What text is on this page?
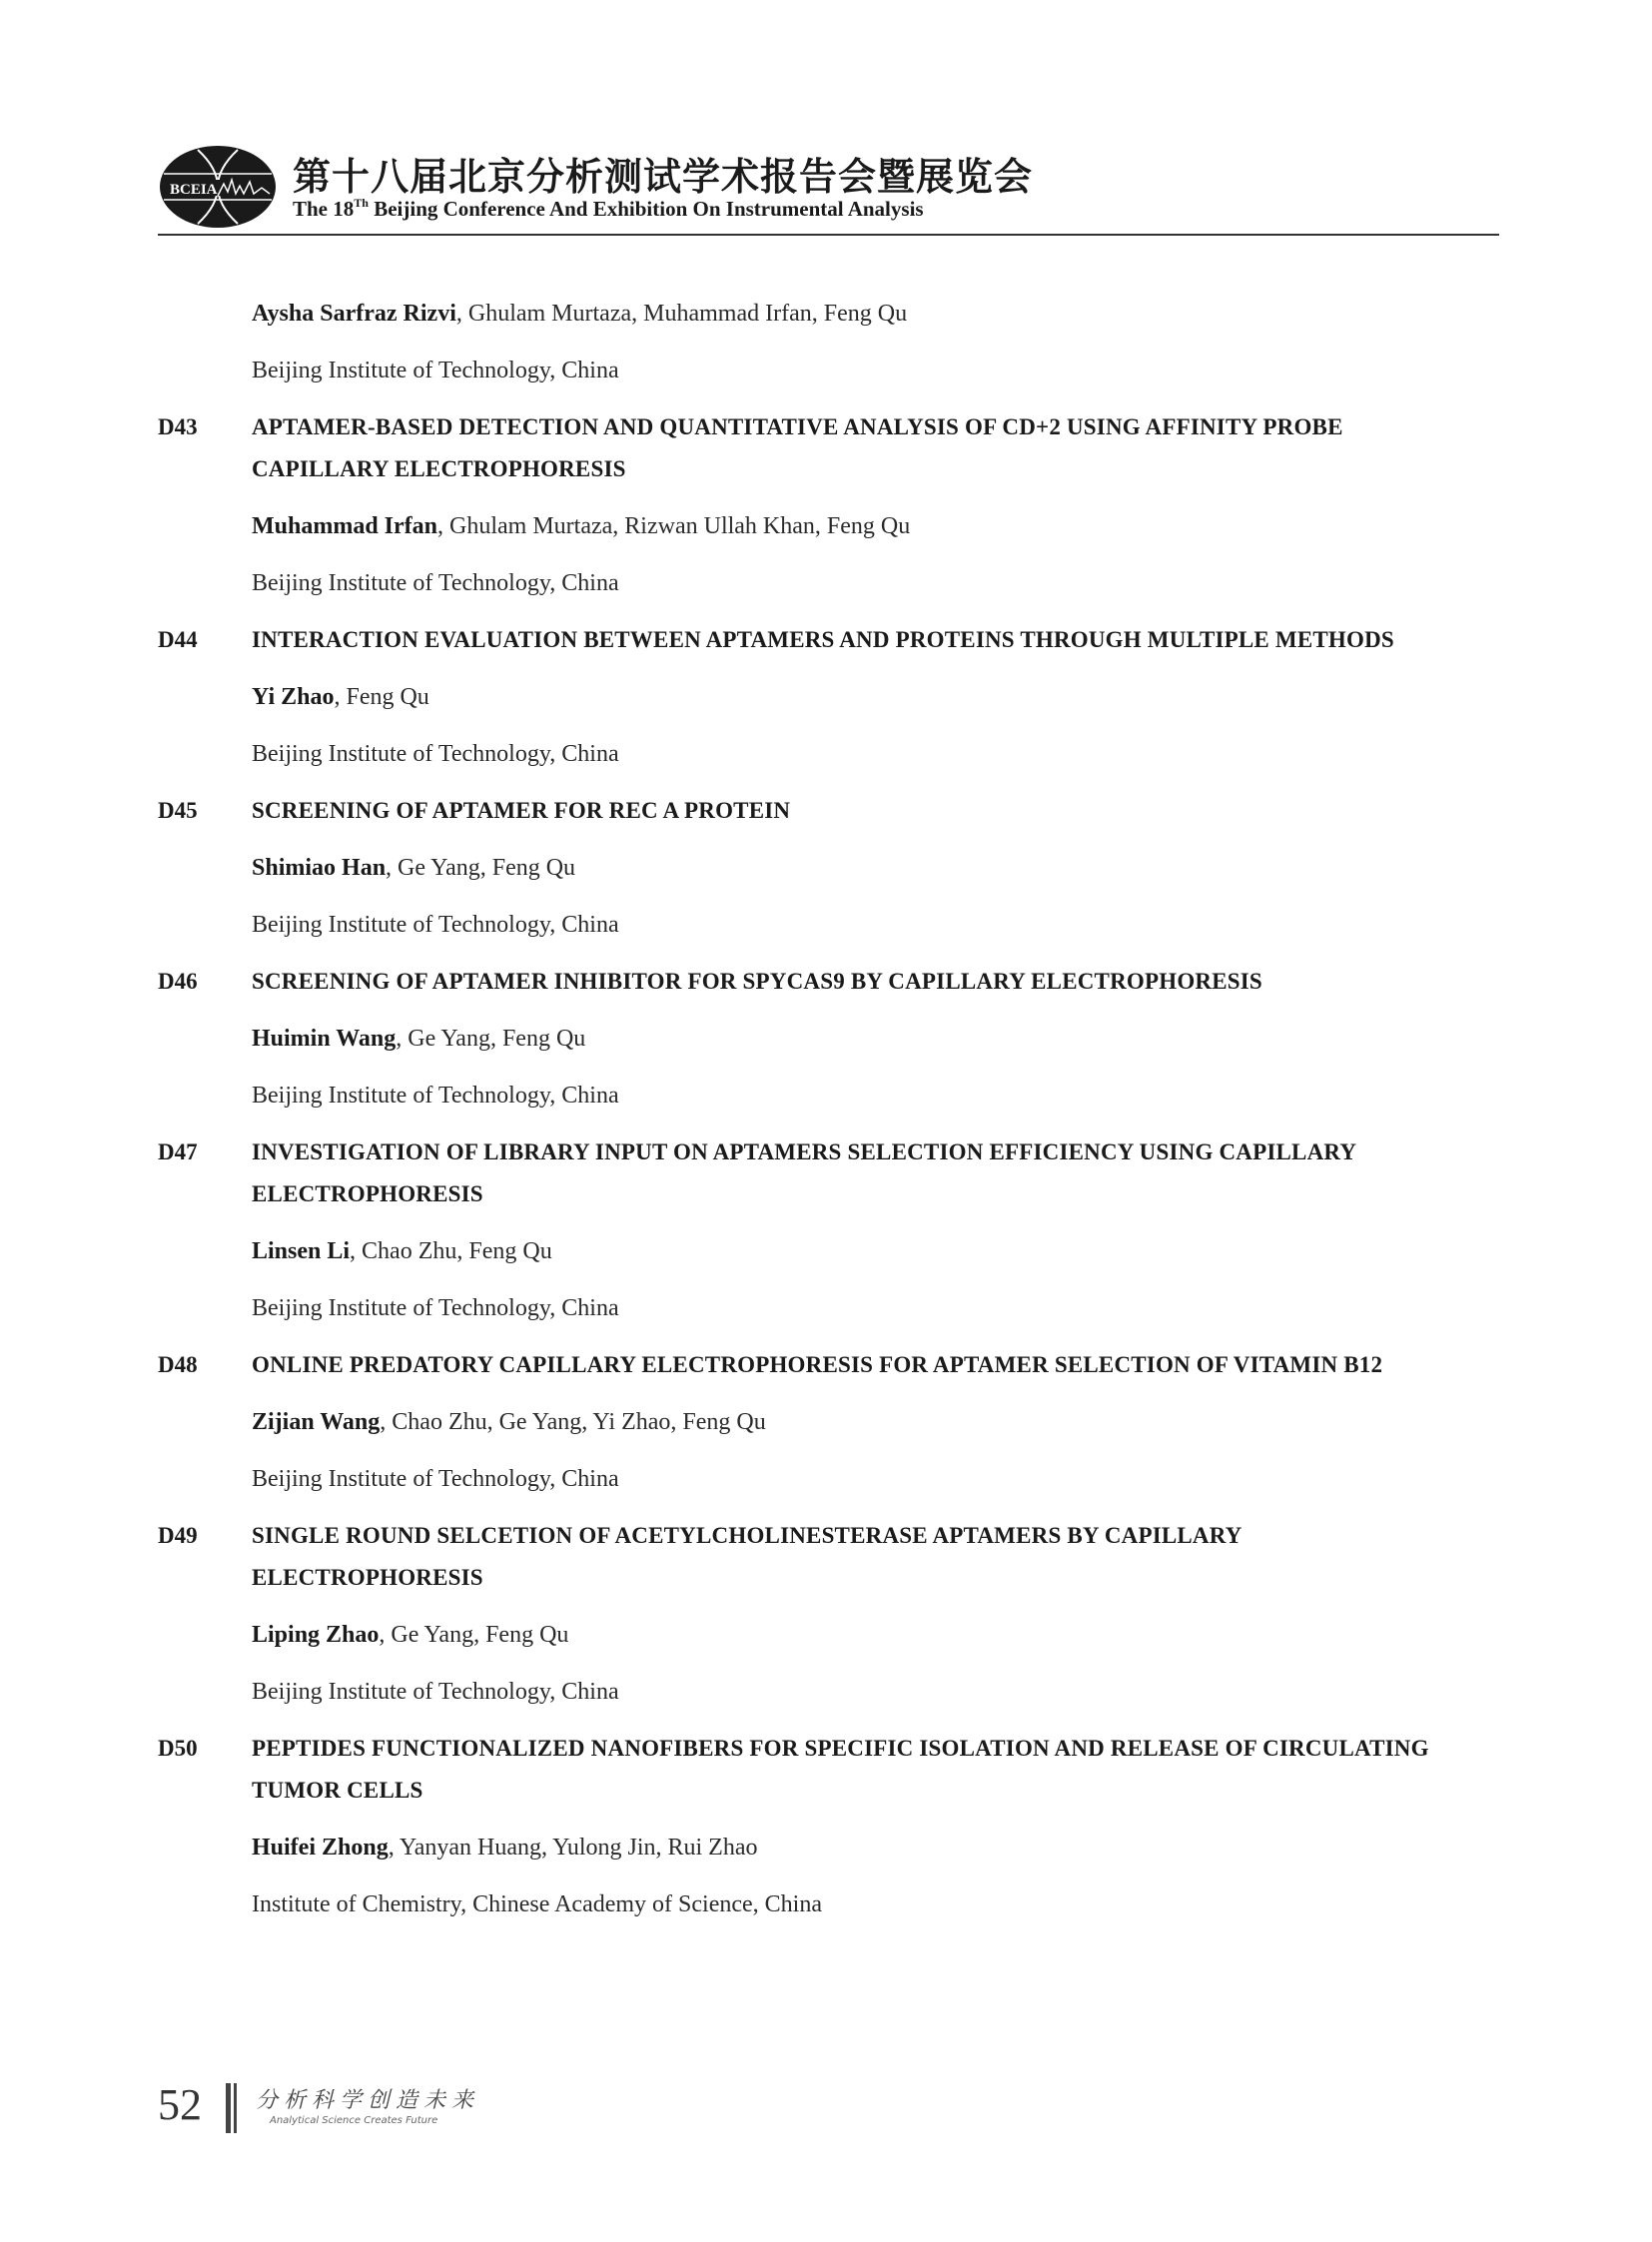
BCEIA 第十八届北京分析测试学术报告会暨展览会
The 18Th Beijing Conference And Exhibition On Instrumental Analysis
Aysha Sarfraz Rizvi, Ghulam Murtaza, Muhammad Irfan, Feng Qu
Beijing Institute of Technology, China
D43	APTAMER-BASED DETECTION AND QUANTITATIVE ANALYSIS OF CD+2 USING AFFINITY PROBE CAPILLARY ELECTROPHORESIS
Muhammad Irfan, Ghulam Murtaza, Rizwan Ullah Khan, Feng Qu
Beijing Institute of Technology, China
D44	INTERACTION EVALUATION BETWEEN APTAMERS AND PROTEINS THROUGH MULTIPLE METHODS
Yi Zhao, Feng Qu
Beijing Institute of Technology, China
D45	SCREENING OF APTAMER FOR REC A PROTEIN
Shimiao Han, Ge Yang, Feng Qu
Beijing Institute of Technology, China
D46	SCREENING OF APTAMER INHIBITOR FOR SPYCAS9 BY CAPILLARY ELECTROPHORESIS
Huimin Wang, Ge Yang, Feng Qu
Beijing Institute of Technology, China
D47	INVESTIGATION OF LIBRARY INPUT ON APTAMERS SELECTION EFFICIENCY USING CAPILLARY ELECTROPHORESIS
Linsen Li, Chao Zhu, Feng Qu
Beijing Institute of Technology, China
D48	ONLINE PREDATORY CAPILLARY ELECTROPHORESIS FOR APTAMER SELECTION OF VITAMIN B12
Zijian Wang, Chao Zhu, Ge Yang, Yi Zhao, Feng Qu
Beijing Institute of Technology, China
D49	SINGLE ROUND SELCETION OF ACETYLCHOLINESTERASE APTAMERS BY CAPILLARY ELECTROPHORESIS
Liping Zhao, Ge Yang, Feng Qu
Beijing Institute of Technology, China
D50	PEPTIDES FUNCTIONALIZED NANOFIBERS FOR SPECIFIC ISOLATION AND RELEASE OF CIRCULATING TUMOR CELLS
Huifei Zhong, Yanyan Huang, Yulong Jin, Rui Zhao
Institute of Chemistry, Chinese Academy of Science, China
52 分析科学创造未来
Analytical Science Creates Future
